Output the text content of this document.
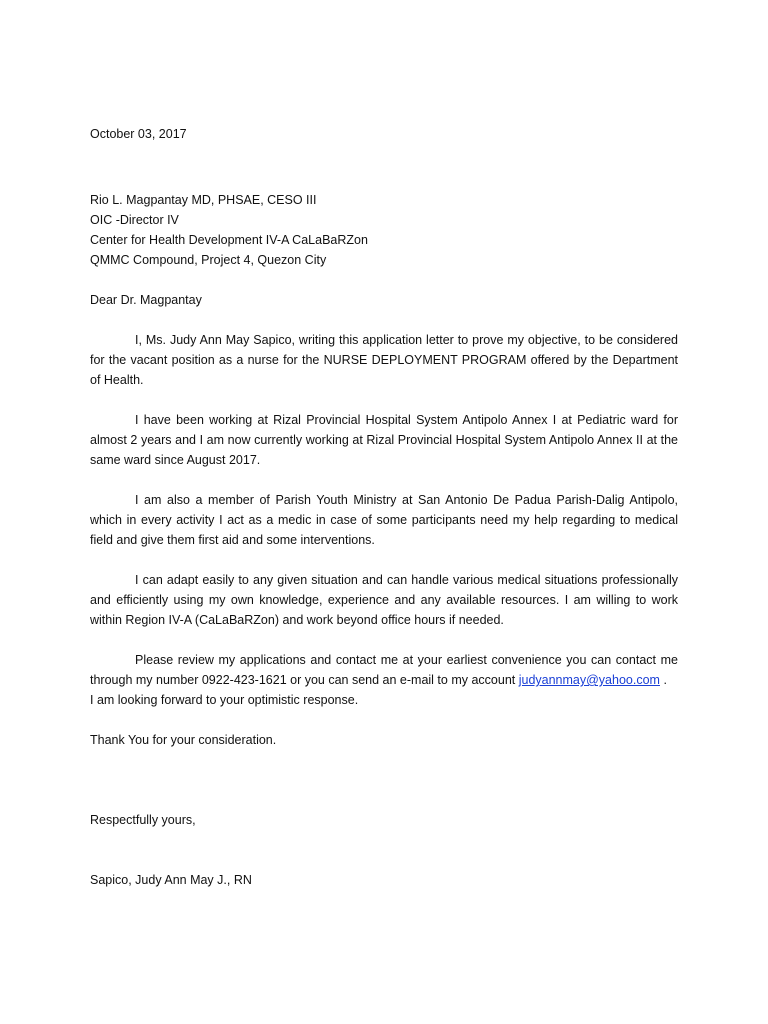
October 03, 2017
Rio L. Magpantay MD, PHSAE, CESO III
OIC -Director IV
Center for Health Development IV-A CaLaBaRZon
QMMC Compound, Project 4, Quezon City
Dear Dr. Magpantay

I, Ms. Judy Ann May Sapico, writing this application letter to prove my objective, to be considered for the vacant position as a nurse for the NURSE DEPLOYMENT PROGRAM offered by the Department of Health.

I have been working at Rizal Provincial Hospital System Antipolo Annex I at Pediatric ward for almost 2 years and I am now currently working at Rizal Provincial Hospital System Antipolo Annex II at the same ward since August 2017.

I am also a member of Parish Youth Ministry at San Antonio De Padua Parish-Dalig Antipolo, which in every activity I act as a medic in case of some participants need my help regarding to medical field and give them first aid and some interventions.

I can adapt easily to any given situation and can handle various medical situations professionally and efficiently using my own knowledge, experience and any available resources. I am willing to work within Region IV-A (CaLaBaRZon) and work beyond office hours if needed.

Please review my applications and contact me at your earliest convenience you can contact me through my number 0922-423-1621 or you can send an e-mail to my account judyannmay@yahoo.com .

I am looking forward to your optimistic response.
Thank You for your consideration.
Respectfully yours,
Sapico, Judy Ann May J., RN
